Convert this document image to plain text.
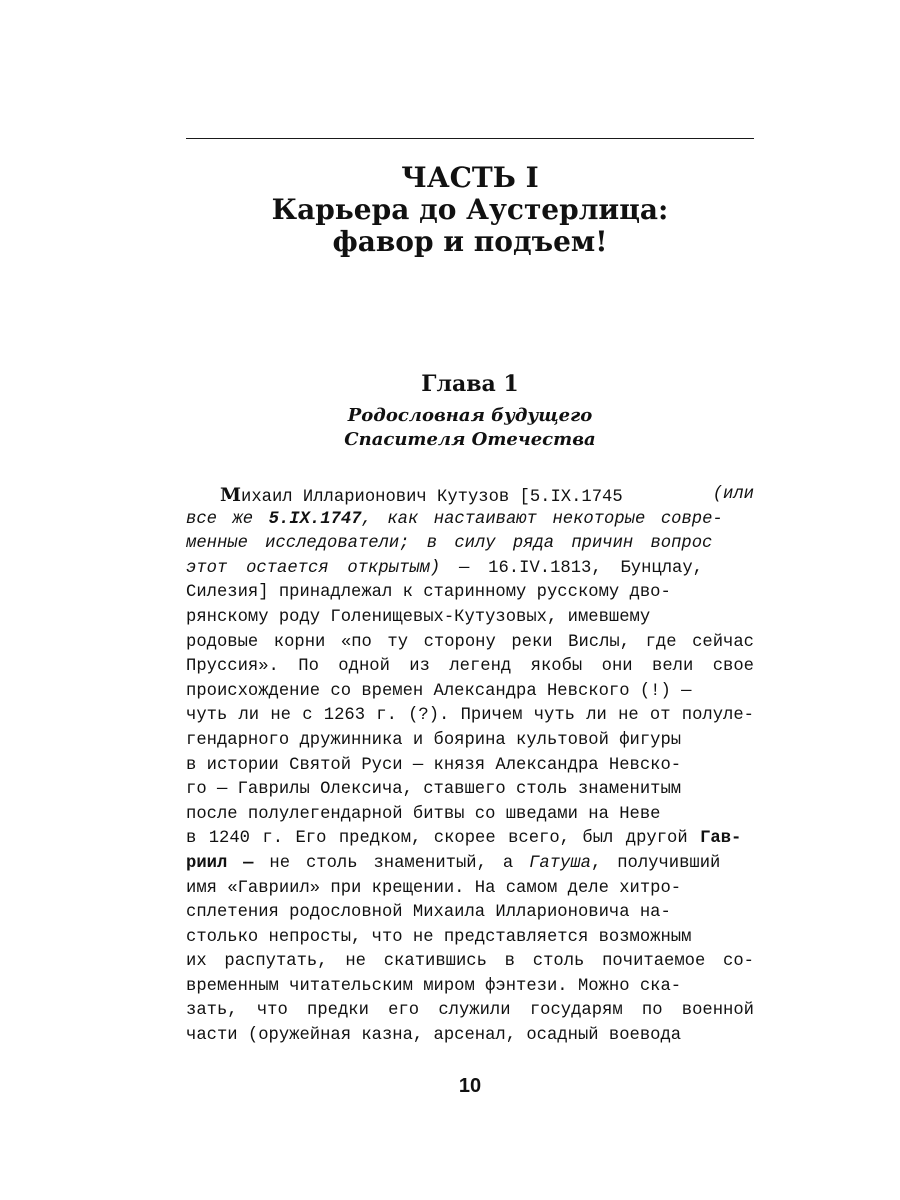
ЧАСТЬ I
Карьера до Аустерлица:
фавор и подъем!
Глава 1
Родословная будущего
Спасителя Отечества
Михаил Илларионович Кутузов [5.IX.1745	(или
все же 5.IX.1747, как настаивают некоторые совре-
менные исследователи; в силу ряда причин вопрос
этот остается открытым) — 16.IV.1813, Бунцлау,
Силезия] принадлежал к старинному русскому дво-
рянскому роду Голенищевых-Кутузовых, имевшему
родовые корни «по ту сторону реки Вислы, где сейчас
Пруссия». По одной из легенд якобы они вели свое
происхождение со времен Александра Невского (!) —
чуть ли не с 1263 г. (?). Причем чуть ли не от полуле-
гендарного дружинника и боярина культовой фигуры
в истории Святой Руси — князя Александра Невско-
го — Гаврилы Олексича, ставшего столь знаменитым
после полулегендарной битвы со шведами на Неве
в 1240 г. Его предком, скорее всего, был другой Гав-
риил — не столь знаменитый, а Гатуша, получивший
имя «Гавриил» при крещении. На самом деле хитро-
сплетения родословной Михаила Илларионовича на-
столько непросты, что не представляется возможным
их распутать, не скатившись в столь почитаемое со-
временным читательским миром фэнтези. Можно ска-
зать, что предки его служили государям по военной
части (оружейная казна, арсенал, осадный воевода
10
